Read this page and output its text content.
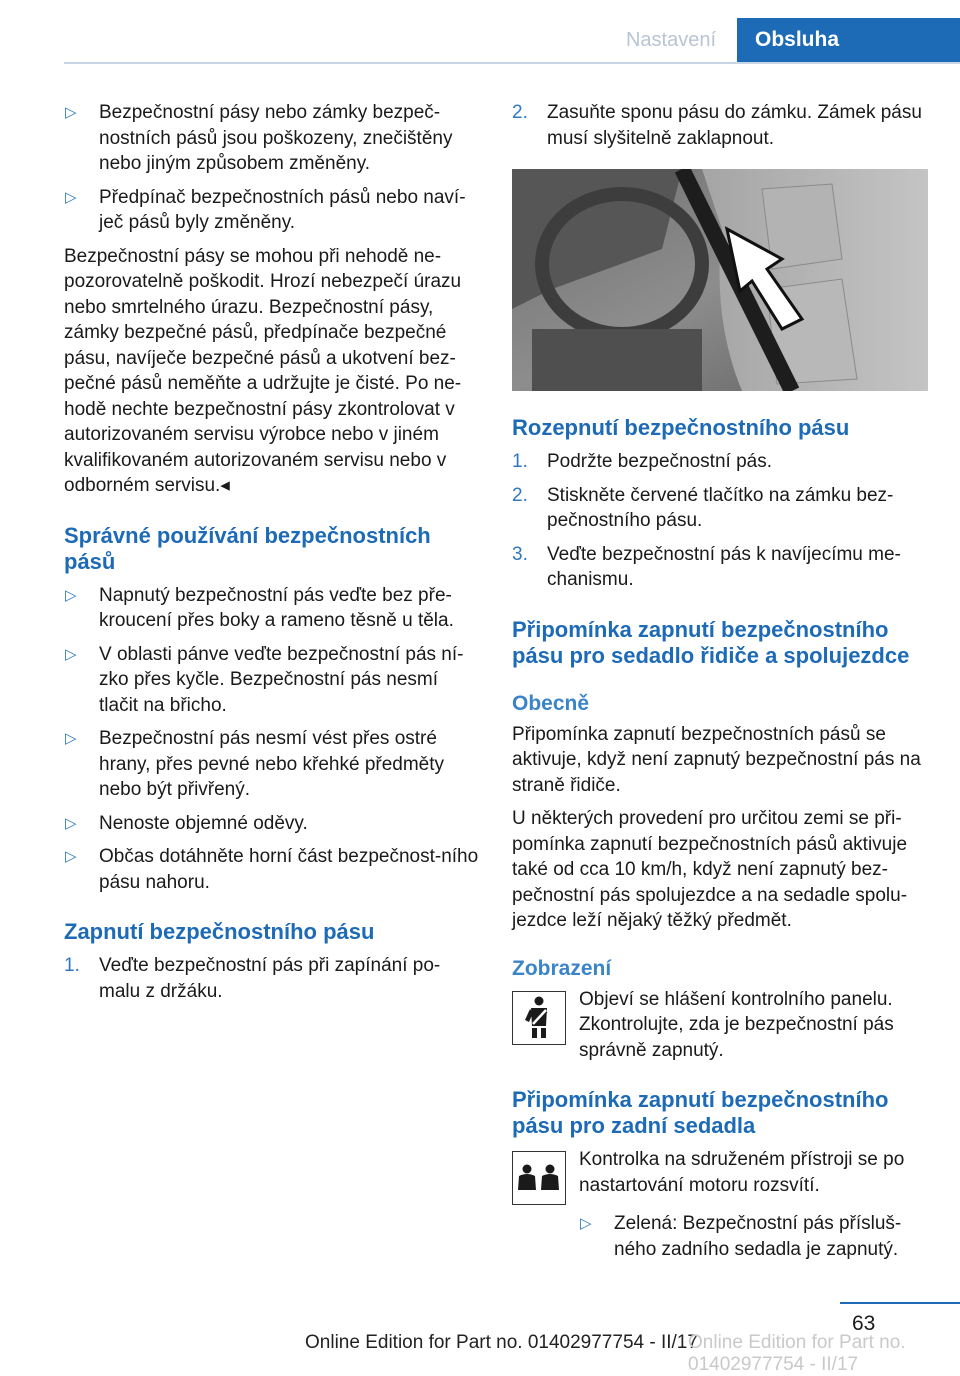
Nastavení	Obsluha
▷ Bezpečnostní pásy nebo zámky bezpeč‐nostních pásů jsou poškozeny, znečištěny nebo jiným způsobem změněny.
▷ Předpínač bezpečnostních pásů nebo naví‐ječ pásů byly změněny.

Bezpečnostní pásy se mohou při nehodě ne‐pozorovatelně poškodit. Hrozí nebezpečí úrazu nebo smrtelného úrazu. Bezpečnostní pásy, zámky bezpečné pásů, předpínače bezpečné pásu, navíječe bezpečné pásů a ukotvení bez‐pečné pásů neměňte a udržujte je čisté. Po ne‐hodě nechte bezpečnostní pásy zkontrolovat v autorizovaném servisu výrobce nebo v jiném kvalifikovaném autorizovaném servisu nebo v odborném servisu.◂

Správné používání bezpečnostních pásů
▷ Napnutý bezpečnostní pás veďte bez pře‐kroucení přes boky a rameno těsně u těla.
▷ V oblasti pánve veďte bezpečnostní pás ní‐zko přes kyčle. Bezpečnostní pás nesmí tlačit na břicho.
▷ Bezpečnostní pás nesmí vést přes ostré hrany, přes pevné nebo křehké předměty nebo být přivřený.
▷ Nenoste objemné oděvy.
▷ Občas dotáhněte horní část bezpečnost‐ního pásu nahoru.
Zapnutí bezpečnostního pásu
1. Veďte bezpečnostní pás při zapínání po‐malu z držáku.
2. Zasuňte sponu pásu do zámku. Zámek pásu musí slyšitelně zaklapnout.
Rozepnutí bezpečnostního pásu
1. Podržte bezpečnostní pás.
2. Stiskněte červené tlačítko na zámku bez‐pečnostního pásu.
3. Veďte bezpečnostní pás k navíjecímu me‐chanismu.
Připomínka zapnutí bezpečnostního pásu pro sedadlo řidiče a spolujezdce
Obecně

Připomínka zapnutí bezpečnostních pásů se aktivuje, když není zapnutý bezpečnostní pás na straně řidiče.

U některých provedení pro určitou zemi se při‐pomínka zapnutí bezpečnostních pásů aktivuje také od cca 10 km/h, když není zapnutý bez‐pečnostní pás spolujezdce a na sedadle spolu‐jezdce leží nějaký těžký předmět.

Zobrazení
Objeví se hlášení kontrolního panelu. Zkontrolujte, zda je bezpečnostní pás správně zapnutý.
Připomínka zapnutí bezpečnostního pásu pro zadní sedadla
Kontrolka na sdruženém přístroji se po nastartování motoru rozsvítí.
▷ Zelená: Bezpečnostní pás přísluš‐ného zadního sedadla je zapnutý.
63
Online Edition for Part no. 01402977754 - II/17
Online Edition for Part no. 01402977754 - II/17
